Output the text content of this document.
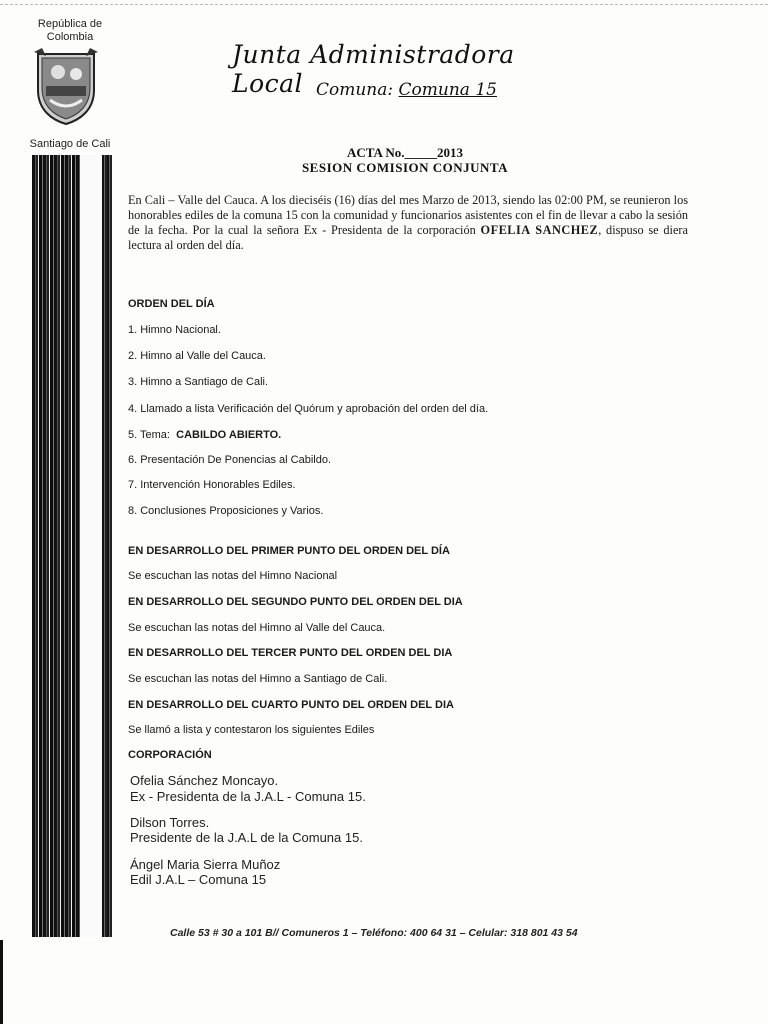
República de
Colombia
Santiago de Cali
Junta Administradora Local Comuna: Comuna 15
ACTA No._____2013
SESION COMISION CONJUNTA
En Cali – Valle del Cauca. A los dieciséis (16) días del mes Marzo de 2013, siendo las 02:00 PM, se reunieron los honorables ediles de la comuna 15 con la comunidad y funcionarios asistentes con el fin de llevar a cabo la sesión de la fecha. Por la cual la señora Ex - Presidenta de la corporación OFELIA SANCHEZ, dispuso se diera lectura al orden del día.
ORDEN DEL DÍA
1. Himno Nacional.
2. Himno al Valle del Cauca.
3. Himno a Santiago de Cali.
4. Llamado a lista Verificación del Quórum y aprobación del orden del día.
5. Tema: CABILDO ABIERTO.
6. Presentación De Ponencias al Cabildo.
7. Intervención Honorables Ediles.
8. Conclusiones Proposiciones y Varios.
EN DESARROLLO DEL PRIMER PUNTO DEL ORDEN DEL DÍA
Se escuchan las notas del Himno Nacional
EN DESARROLLO DEL SEGUNDO PUNTO DEL ORDEN DEL DIA
Se escuchan las notas del Himno al Valle del Cauca.
EN DESARROLLO DEL TERCER PUNTO DEL ORDEN DEL DIA
Se escuchan las notas del Himno a Santiago de Cali.
EN DESARROLLO DEL CUARTO PUNTO DEL ORDEN DEL DIA
Se llamó a lista y contestaron los siguientes Ediles
CORPORACIÓN
Ofelia Sánchez Moncayo.
Ex - Presidenta de la J.A.L - Comuna 15.
Dilson Torres.
Presidente de la J.A.L de la Comuna 15.
Ángel Maria Sierra Muñoz
Edil J.A.L – Comuna 15
Calle 53 # 30 a 101 B// Comuneros 1 – Teléfono: 400 64 31 – Celular: 318 801 43 54
